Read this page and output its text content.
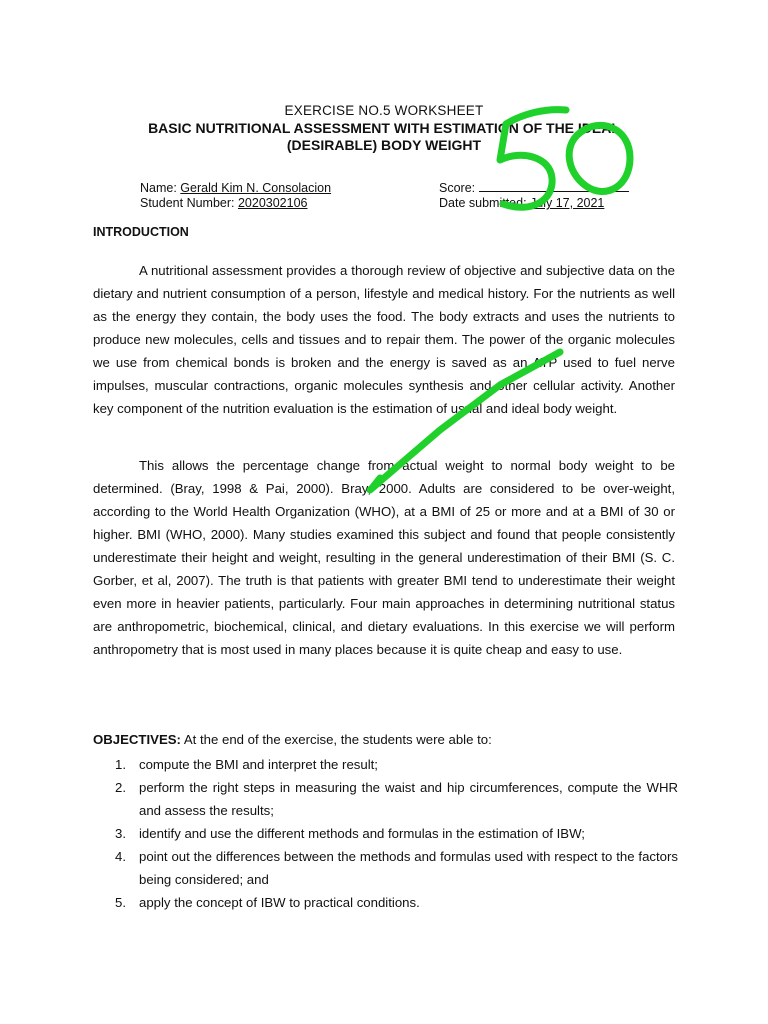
EXERCISE NO.5 WORKSHEET
BASIC NUTRITIONAL ASSESSMENT WITH ESTIMATION OF THE IDEAL
(DESIRABLE) BODY WEIGHT
Name: Gerald Kim N. Consolacion
Student Number: 2020302106
Score:
Date submitted: July 17, 2021
INTRODUCTION

A nutritional assessment provides a thorough review of objective and subjective data on the dietary and nutrient consumption of a person, lifestyle and medical history. For the nutrients as well as the energy they contain, the body uses the food. The body extracts and uses the nutrients to produce new molecules, cells and tissues and to repair them. The power of the organic molecules we use from chemical bonds is broken and the energy is saved as an ATP used to fuel nerve impulses, muscular contractions, organic molecules synthesis and other cellular activity. Another key component of the nutrition evaluation is the estimation of usual and ideal body weight.

This allows the percentage change from actual weight to normal body weight to be determined. (Bray, 1998 & Pai, 2000). Bray, 2000. Adults are considered to be over-weight, according to the World Health Organization (WHO), at a BMI of 25 or more and at a BMI of 30 or higher. BMI (WHO, 2000). Many studies examined this subject and found that people consistently underestimate their height and weight, resulting in the general underestimation of their BMI (S. C. Gorber, et al, 2007). The truth is that patients with greater BMI tend to underestimate their weight even more in heavier patients, particularly. Four main approaches in determining nutritional status are anthropometric, biochemical, clinical, and dietary evaluations. In this exercise we will perform anthropometry that is most used in many places because it is quite cheap and easy to use.

OBJECTIVES: At the end of the exercise, the students were able to:
1. compute the BMI and interpret the result;
2. perform the right steps in measuring the waist and hip circumferences, compute the WHR and assess the results;
3. identify and use the different methods and formulas in the estimation of IBW;
4. point out the differences between the methods and formulas used with respect to the factors being considered; and
5. apply the concept of IBW to practical conditions.
